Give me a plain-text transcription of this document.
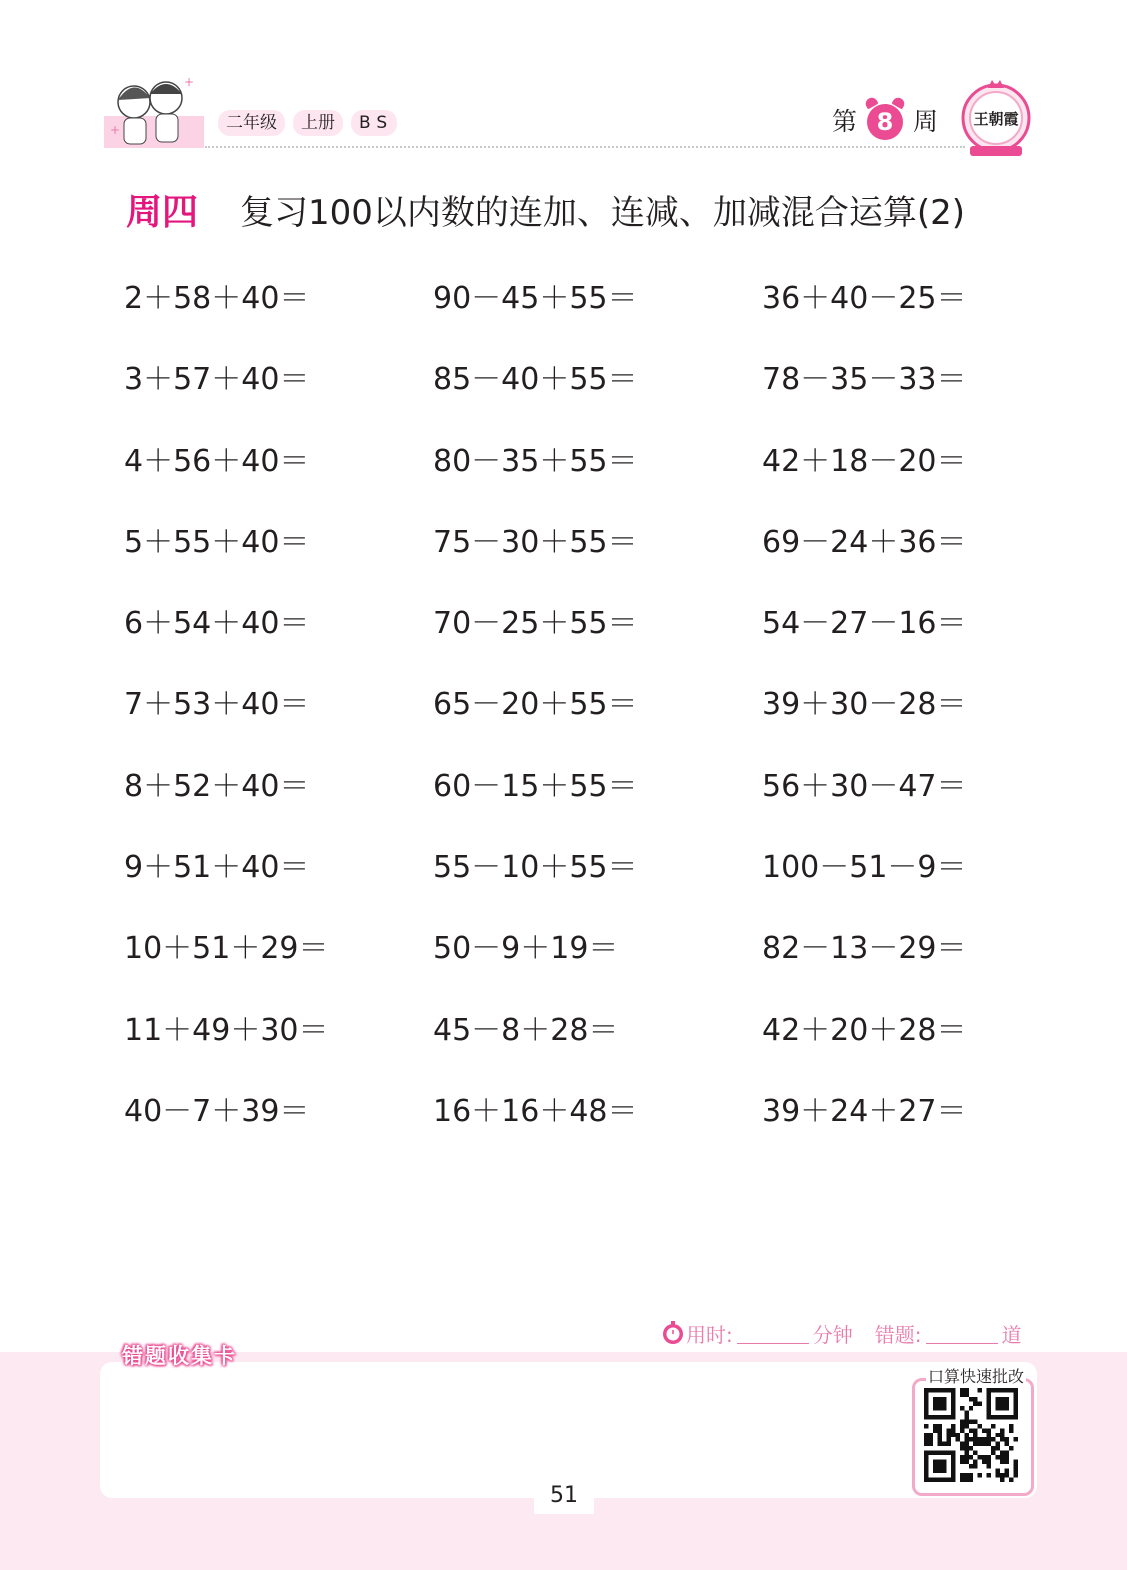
+
+	二年级	上册	BS	第 8 周	王朝霞
周四	复习100以内数的连加、连减、加减混合运算(2)
2＋58＋40＝	90－45＋55＝	36＋40－25＝
3＋57＋40＝	85－40＋55＝	78－35－33＝
4＋56＋40＝	80－35＋55＝	42＋18－20＝
5＋55＋40＝	75－30＋55＝	69－24＋36＝
6＋54＋40＝	70－25＋55＝	54－27－16＝
7＋53＋40＝	65－20＋55＝	39＋30－28＝
8＋52＋40＝	60－15＋55＝	56＋30－47＝
9＋51＋40＝	55－10＋55＝	100－51－9＝
10＋51＋29＝	50－9＋19＝	82－13－29＝
11＋49＋30＝	45－8＋28＝	42＋20＋28＝
40－7＋39＝	16＋16＋48＝	39＋24＋27＝
错题收集卡
用时:	分钟 错题:	道
口算快速批改
51
